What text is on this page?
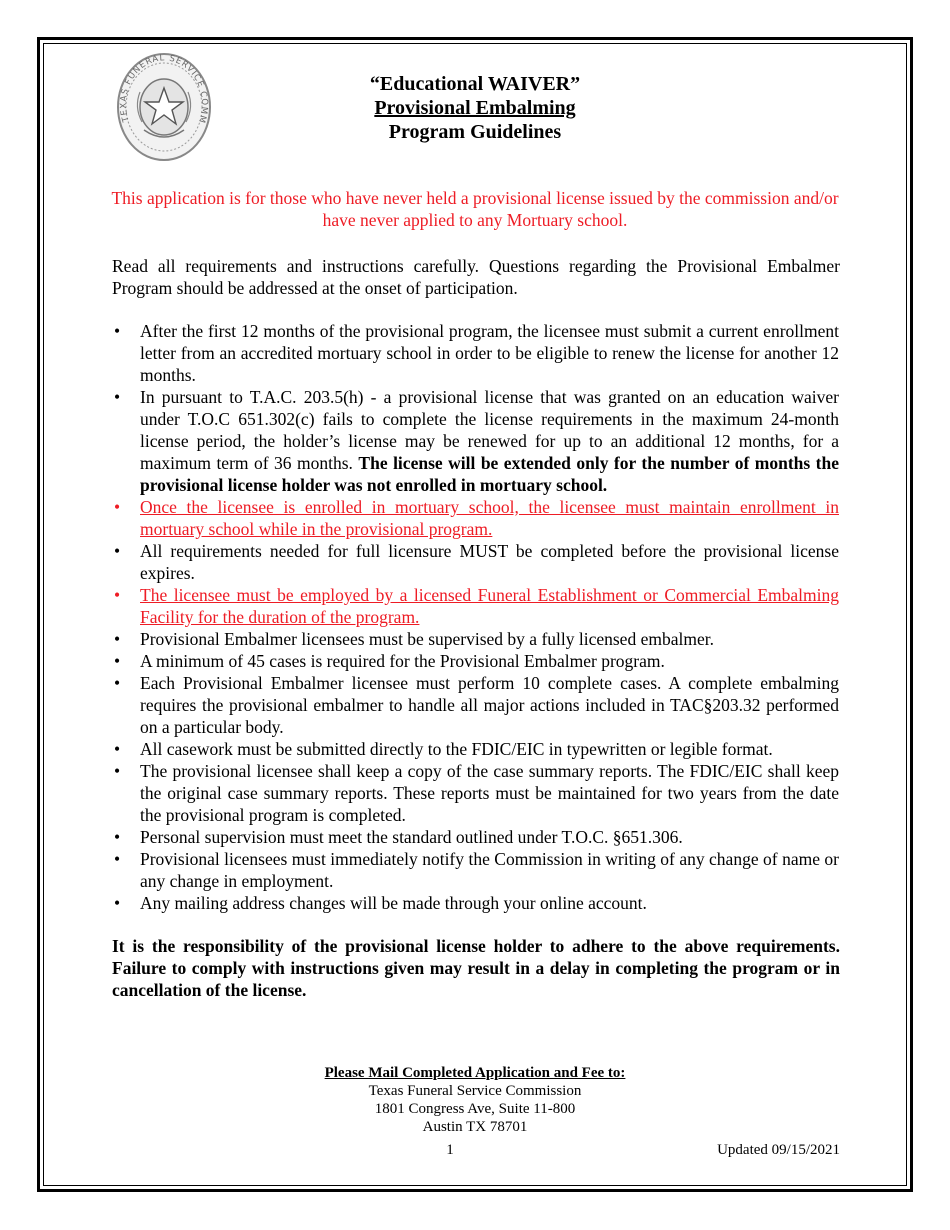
TEXAS FUNERAL SERVICE COMM
“Educational WAIVER”
Provisional Embalming
Program Guidelines
This application is for those who have never held a provisional license issued by the commission and/or have never applied to any Mortuary school.
Read all requirements and instructions carefully. Questions regarding the Provisional Embalmer Program should be addressed at the onset of participation.
• After the first 12 months of the provisional program, the licensee must submit a current enrollment letter from an accredited mortuary school in order to be eligible to renew the license for another 12 months.
• In pursuant to T.A.C. 203.5(h) - a provisional license that was granted on an education waiver under T.O.C 651.302(c) fails to complete the license requirements in the maximum 24-month license period, the holder’s license may be renewed for up to an additional 12 months, for a maximum term of 36 months. The license will be extended only for the number of months the provisional license holder was not enrolled in mortuary school.
• Once the licensee is enrolled in mortuary school, the licensee must maintain enrollment in mortuary school while in the provisional program.
• All requirements needed for full licensure MUST be completed before the provisional license expires.
• The licensee must be employed by a licensed Funeral Establishment or Commercial Embalming Facility for the duration of the program.
• Provisional Embalmer licensees must be supervised by a fully licensed embalmer.
• A minimum of 45 cases is required for the Provisional Embalmer program.
• Each Provisional Embalmer licensee must perform 10 complete cases. A complete embalming requires the provisional embalmer to handle all major actions included in TAC§203.32 performed on a particular body.
• All casework must be submitted directly to the FDIC/EIC in typewritten or legible format.
• The provisional licensee shall keep a copy of the case summary reports. The FDIC/EIC shall keep the original case summary reports. These reports must be maintained for two years from the date the provisional program is completed.
• Personal supervision must meet the standard outlined under T.O.C. §651.306.
• Provisional licensees must immediately notify the Commission in writing of any change of name or any change in employment.
• Any mailing address changes will be made through your online account.
It is the responsibility of the provisional license holder to adhere to the above requirements. Failure to comply with instructions given may result in a delay in completing the program or in cancellation of the license.
Please Mail Completed Application and Fee to:
Texas Funeral Service Commission
1801 Congress Ave, Suite 11-800
Austin TX 78701
1	Updated 09/15/2021
